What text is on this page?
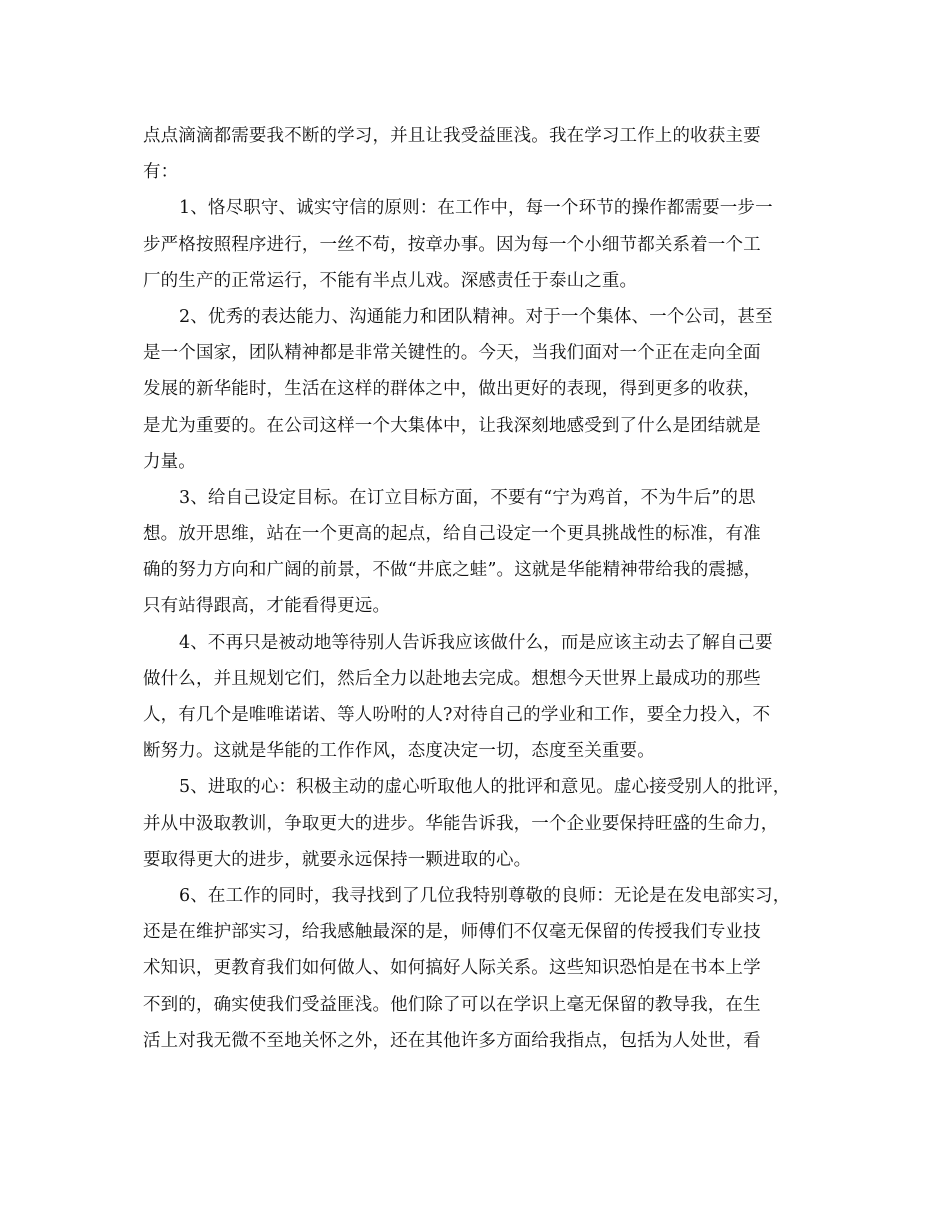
点点滴滴都需要我不断的学习，并且让我受益匪浅。我在学习工作上的收获主要
有：
1、恪尽职守、诚实守信的原则：在工作中，每一个环节的操作都需要一步一
步严格按照程序进行，一丝不苟，按章办事。因为每一个小细节都关系着一个工
厂的生产的正常运行，不能有半点儿戏。深感责任于泰山之重。
2、优秀的表达能力、沟通能力和团队精神。对于一个集体、一个公司，甚至
是一个国家，团队精神都是非常关键性的。今天，当我们面对一个正在走向全面
发展的新华能时，生活在这样的群体之中，做出更好的表现，得到更多的收获，
是尤为重要的。在公司这样一个大集体中，让我深刻地感受到了什么是团结就是
力量。
3、给自己设定目标。在订立目标方面，不要有“宁为鸡首，不为牛后”的思
想。放开思维，站在一个更高的起点，给自己设定一个更具挑战性的标准，有准
确的努力方向和广阔的前景，不做“井底之蛙”。这就是华能精神带给我的震撼，
只有站得跟高，才能看得更远。
4、不再只是被动地等待别人告诉我应该做什么，而是应该主动去了解自己要
做什么，并且规划它们，然后全力以赴地去完成。想想今天世界上最成功的那些
人，有几个是唯唯诺诺、等人吩咐的人?对待自己的学业和工作，要全力投入，不
断努力。这就是华能的工作作风，态度决定一切，态度至关重要。
5、进取的心：积极主动的虚心听取他人的批评和意见。虚心接受别人的批评，
并从中汲取教训，争取更大的进步。华能告诉我，一个企业要保持旺盛的生命力，
要取得更大的进步，就要永远保持一颗进取的心。
6、在工作的同时，我寻找到了几位我特别尊敬的良师：无论是在发电部实习，
还是在维护部实习，给我感触最深的是，师傅们不仅毫无保留的传授我们专业技
术知识，更教育我们如何做人、如何搞好人际关系。这些知识恐怕是在书本上学
不到的，确实使我们受益匪浅。他们除了可以在学识上毫无保留的教导我，在生
活上对我无微不至地关怀之外，还在其他许多方面给我指点，包括为人处世，看
